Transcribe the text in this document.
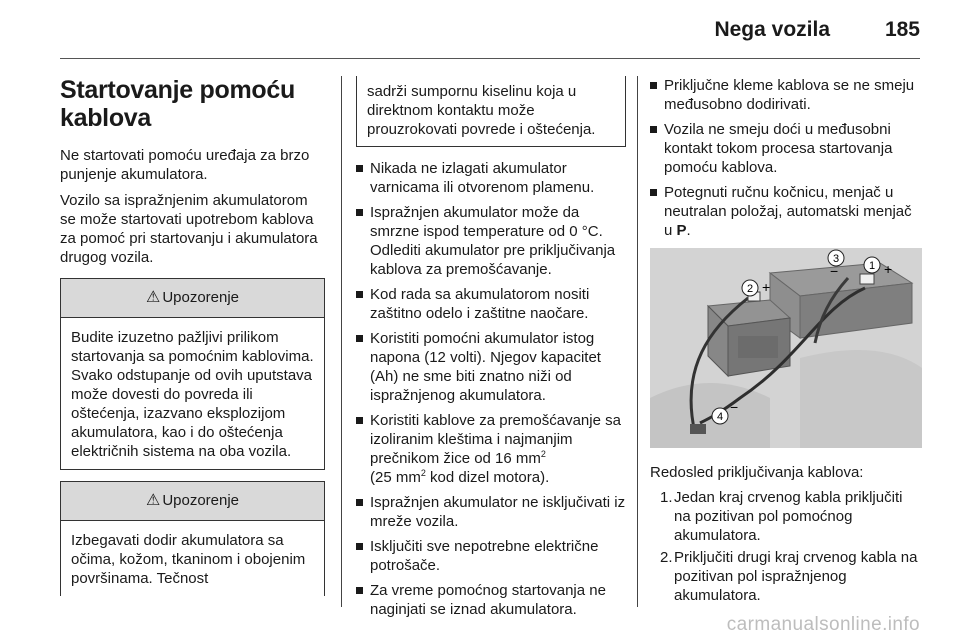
Nega vozila	185
Startovanje pomoću
kablova

Ne startovati pomoću uređaja za brzo punjenje akumulatora.

Vozilo sa ispražnjenim akumulatorom se može startovati upotrebom kablova za pomoć pri startovanju i akumulatora drugog vozila.

⚠ Upozorenje
Budite izuzetno pažljivi prilikom startovanja sa pomoćnim kablovima. Svako odstupanje od ovih uputstava može dovesti do povreda ili oštećenja, izazvano eksplozijom akumulatora, kao i do oštećenja električnih sistema na oba vozila.
⚠ Upozorenje
Izbegavati dodir akumulatora sa očima, kožom, tkaninom i obojenim površinama. Tečnost
sadrži sumpornu kiselinu koja u direktnom kontaktu može prouzrokovati povrede i oštećenja.
Nikada ne izlagati akumulator varnicama ili otvorenom plamenu.
Ispražnjen akumulator može da smrzne ispod temperature od 0 °C. Odlediti akumulator pre priključivanja kablova za premošćavanje.
Kod rada sa akumulatorom nositi zaštitno odelo i zaštitne naočare.
Koristiti pomoćni akumulator istog napona (12 volti). Njegov kapacitet (Ah) ne sme biti znatno niži od ispražnjenog akumulatora.
Koristiti kablove za premošćavanje sa izoliranim kleštima i najmanjim prečnikom žice od 16 $mm^2$
(25 $mm^2$ kod dizel motora).
Ispražnjen akumulator ne isključivati iz mreže vozila.
Isključiti sve nepotrebne električne potrošače.
Za vreme pomoćnog startovanja ne naginjati se iznad akumulatora.
Priključne kleme kablova se ne smeju međusobno dodirivati.
Vozila ne smeju doći u međusobni kontakt tokom procesa startovanja pomoću kablova.
Potegnuti ručnu kočnicu, menjač u neutralan položaj, automatski menjač u P.
1 +
2 +
3
−
4
−
Redosled priključivanja kablova:
1. Jedan kraj crvenog kabla priključiti na pozitivan pol pomoćnog akumulatora.
2. Priključiti drugi kraj crvenog kabla na pozitivan pol ispražnjenog akumulatora.
carmanualsonline.info
